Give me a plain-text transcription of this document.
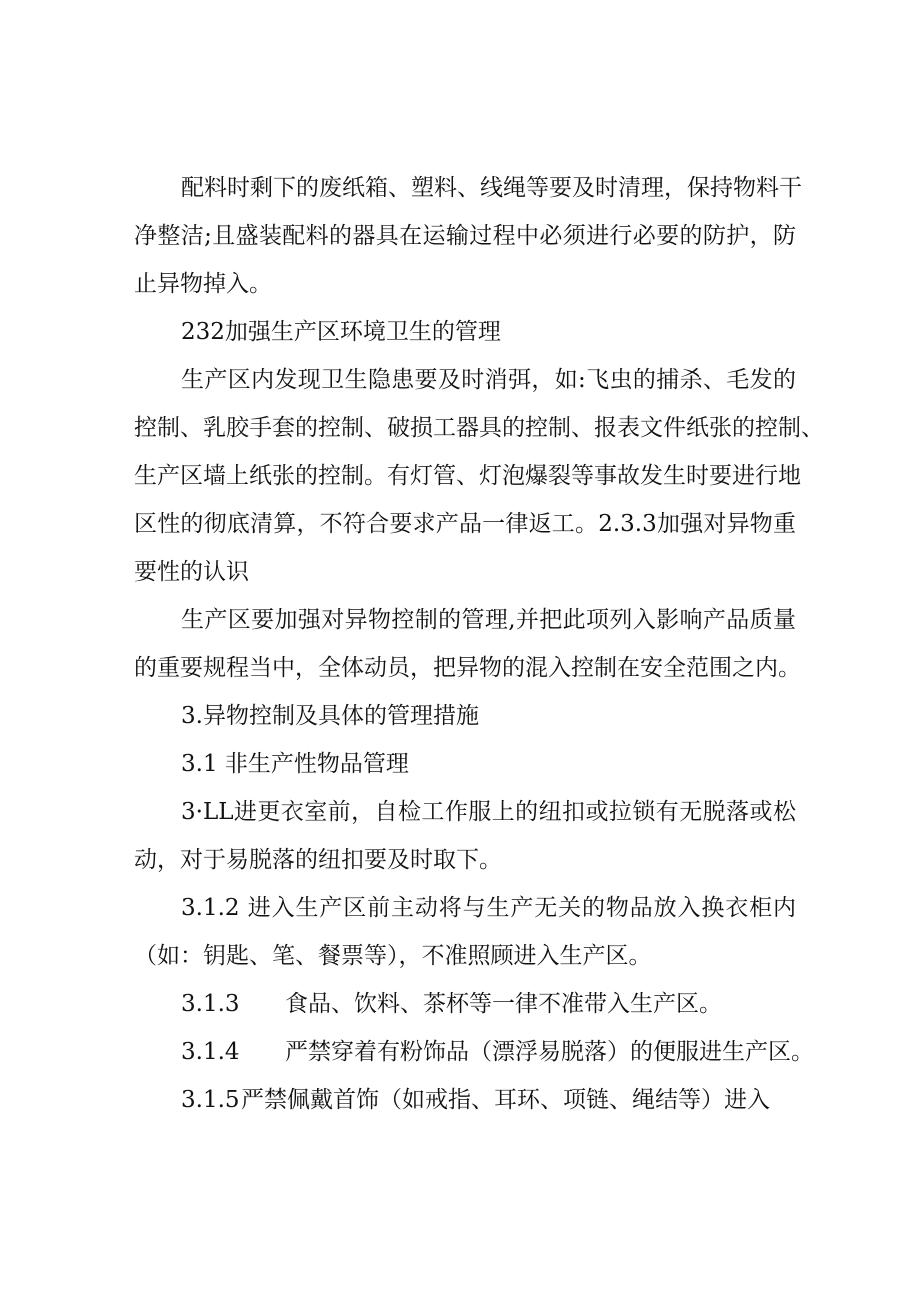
配料时剩下的废纸箱、塑料、线绳等要及时清理，保持物料干
净整洁;且盛装配料的器具在运输过程中必须进行必要的防护，防
止异物掉入。
232加强生产区环境卫生的管理
生产区内发现卫生隐患要及时消弭，如:飞虫的捕杀、毛发的
控制、乳胶手套的控制、破损工器具的控制、报表文件纸张的控制、
生产区墙上纸张的控制。有灯管、灯泡爆裂等事故发生时要进行地
区性的彻底清算，不符合要求产品一律返工。2.3.3加强对异物重
要性的认识
生产区要加强对异物控制的管理,并把此项列入影响产品质量
的重要规程当中，全体动员，把异物的混入控制在安全范围之内。
3.异物控制及具体的管理措施
3.1 非生产性物品管理
3·LL进更衣室前，自检工作服上的纽扣或拉锁有无脱落或松
动，对于易脱落的纽扣要及时取下。
3.1.2 进入生产区前主动将与生产无关的物品放入换衣柜内
（如：钥匙、笔、餐票等），不准照顾进入生产区。
3.1.3 食品、饮料、茶杯等一律不准带入生产区。
3.1.4 严禁穿着有粉饰品（漂浮易脱落）的便服进生产区。
3.1.5严禁佩戴首饰（如戒指、耳环、项链、绳结等）进入
